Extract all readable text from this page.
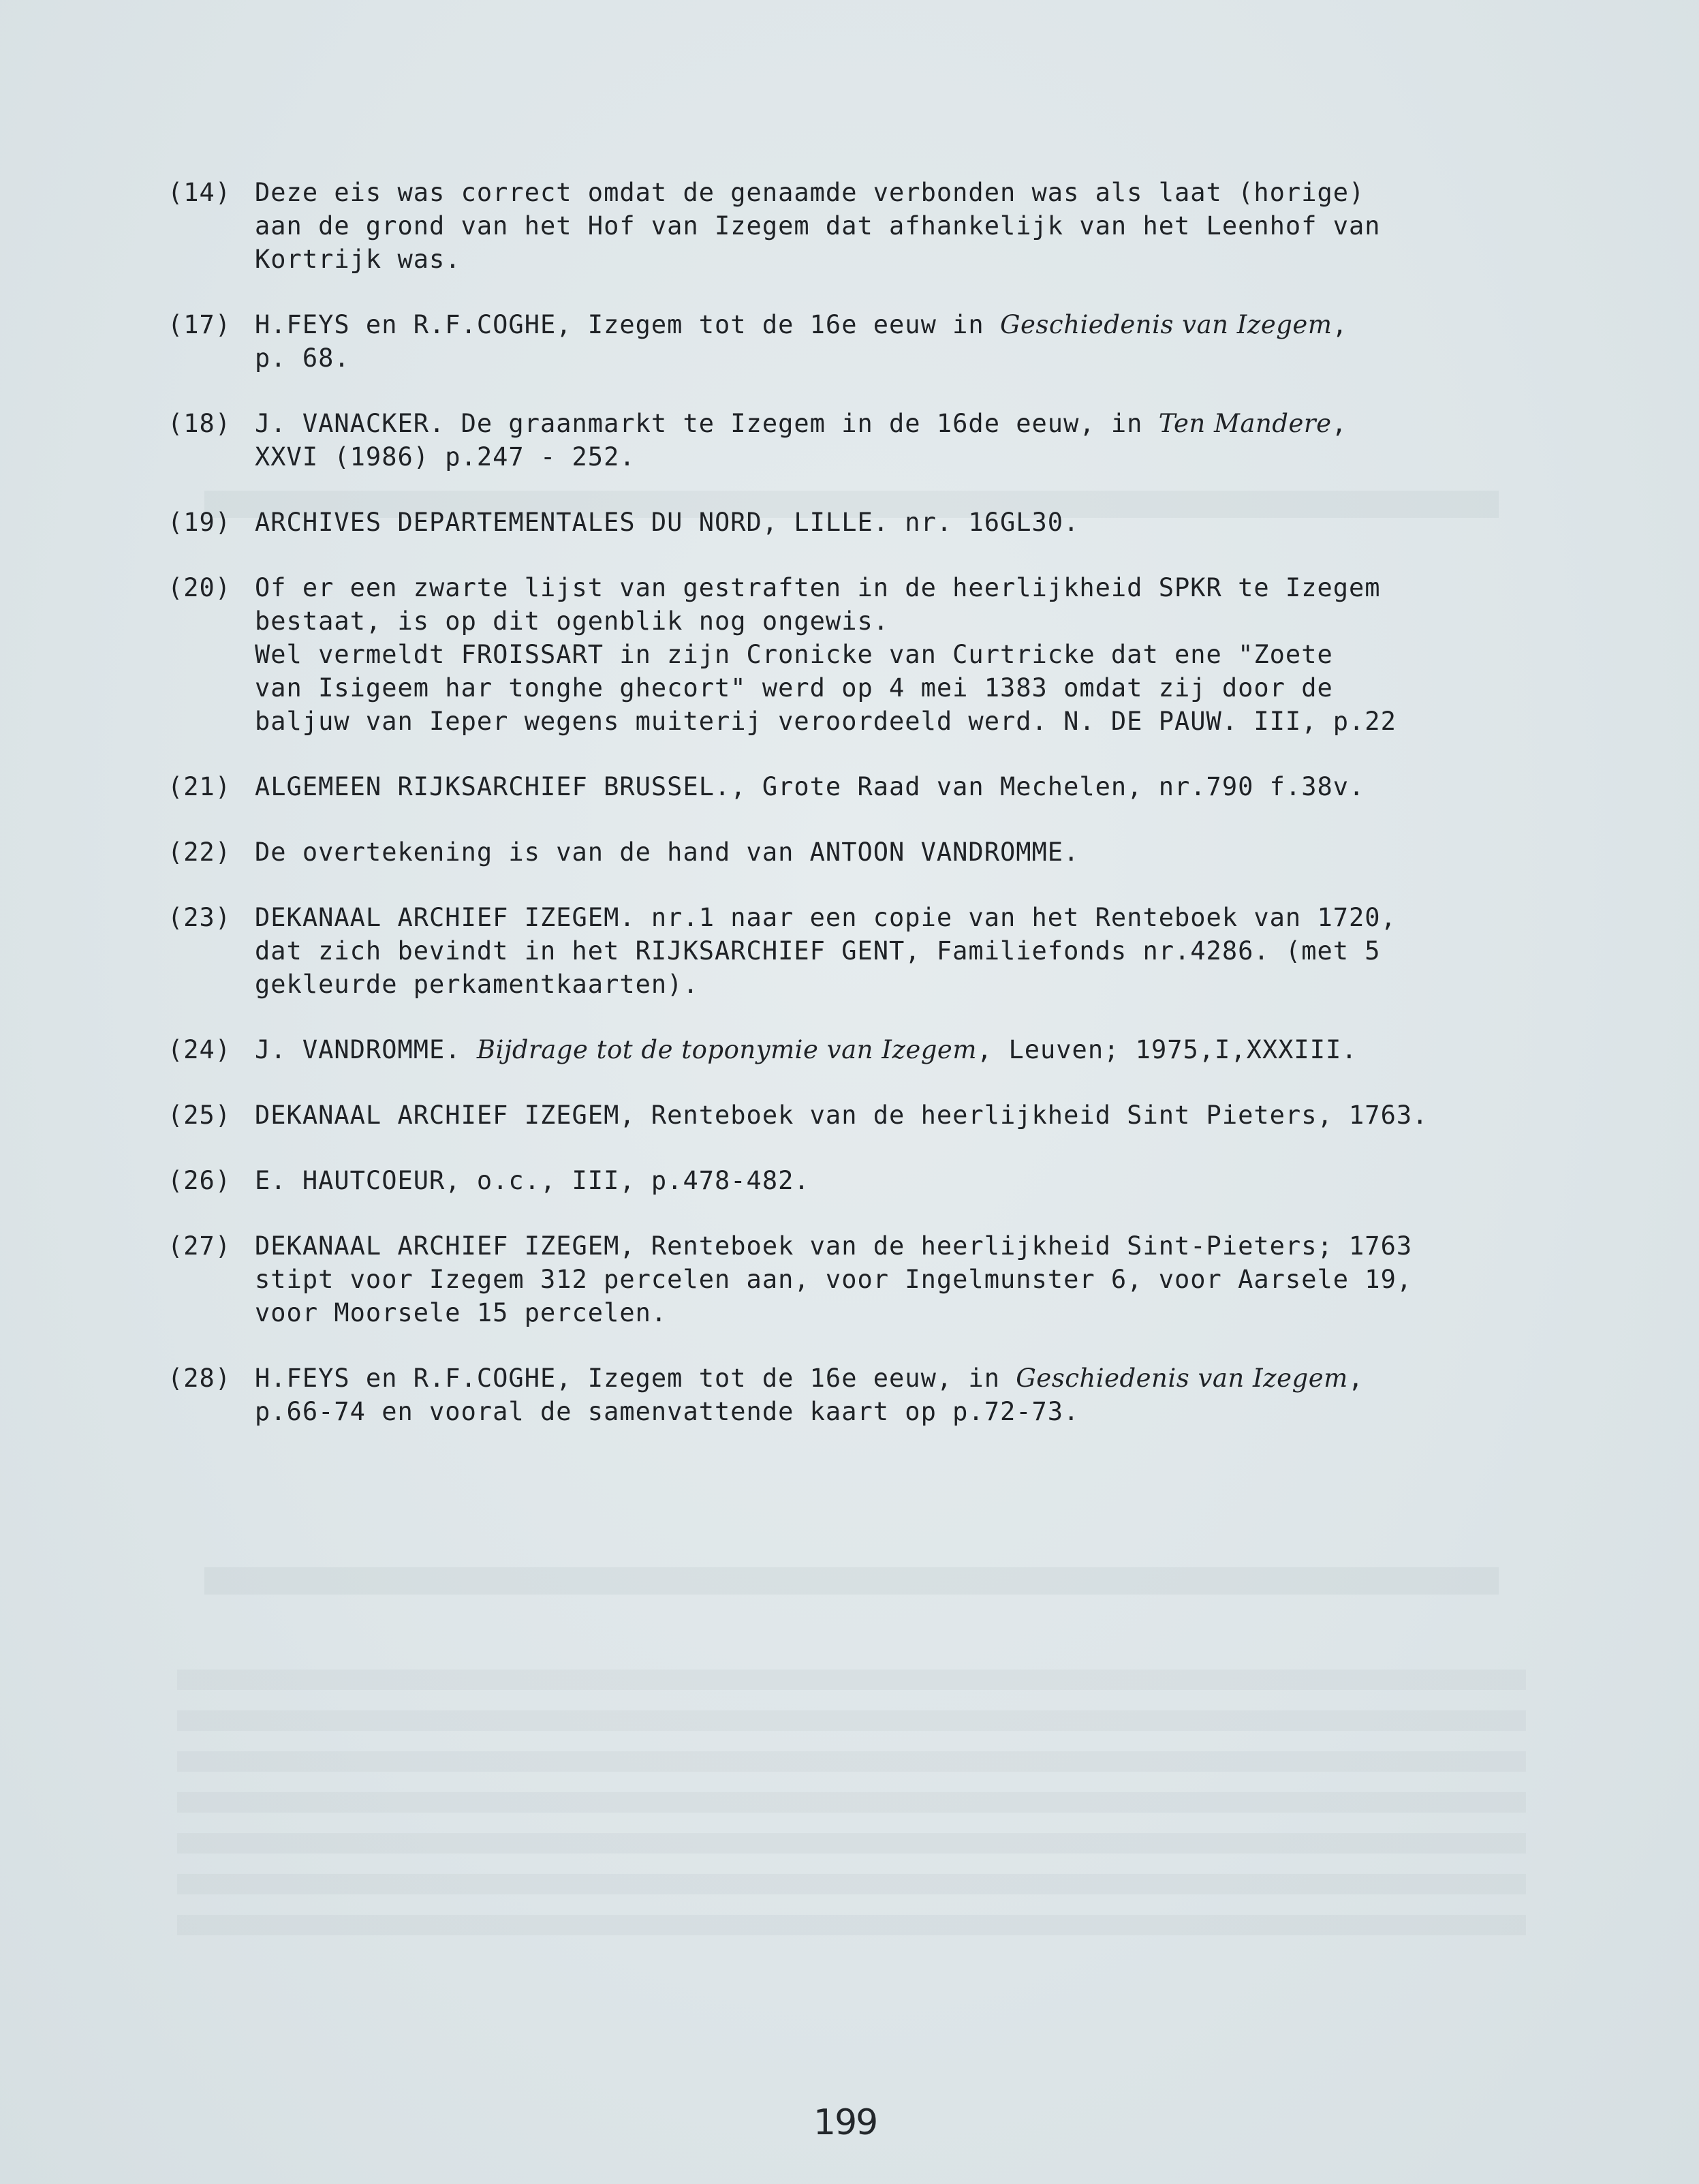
(14) Deze eis was correct omdat de genaamde verbonden was als laat (horige)
aan de grond van het Hof van Izegem dat afhankelijk van het Leenhof van
Kortrijk was.
(17) H.FEYS en R.F.COGHE, Izegem tot de 16e eeuw in Geschiedenis van Izegem,
p. 68.
(18) J. VANACKER. De graanmarkt te Izegem in de 16de eeuw, in Ten Mandere,
XXVI (1986) p.247 - 252.
(19) ARCHIVES DEPARTEMENTALES DU NORD, LILLE. nr. 16GL30.
(20) Of er een zwarte lijst van gestraften in de heerlijkheid SPKR te Izegem
bestaat, is op dit ogenblik nog ongewis.
Wel vermeldt FROISSART in zijn Cronicke van Curtricke dat ene "Zoete
van Isigeem har tonghe ghecort" werd op 4 mei 1383 omdat zij door de
baljuw van Ieper wegens muiterij veroordeeld werd. N. DE PAUW. III, p.22
(21) ALGEMEEN RIJKSARCHIEF BRUSSEL., Grote Raad van Mechelen, nr.790 f.38v.
(22) De overtekening is van de hand van ANTOON VANDROMME.
(23) DEKANAAL ARCHIEF IZEGEM. nr.1 naar een copie van het Renteboek van 1720,
dat zich bevindt in het RIJKSARCHIEF GENT, Familiefonds nr.4286. (met 5
gekleurde perkamentkaarten).
(24) J. VANDROMME. Bijdrage tot de toponymie van Izegem, Leuven; 1975,I,XXXIII.
(25) DEKANAAL ARCHIEF IZEGEM, Renteboek van de heerlijkheid Sint Pieters, 1763.
(26) E. HAUTCOEUR, o.c., III, p.478-482.
(27) DEKANAAL ARCHIEF IZEGEM, Renteboek van de heerlijkheid Sint-Pieters; 1763
stipt voor Izegem 312 percelen aan, voor Ingelmunster 6, voor Aarsele 19,
voor Moorsele 15 percelen.
(28) H.FEYS en R.F.COGHE, Izegem tot de 16e eeuw, in Geschiedenis van Izegem,
p.66-74 en vooral de samenvattende kaart op p.72-73.
199
